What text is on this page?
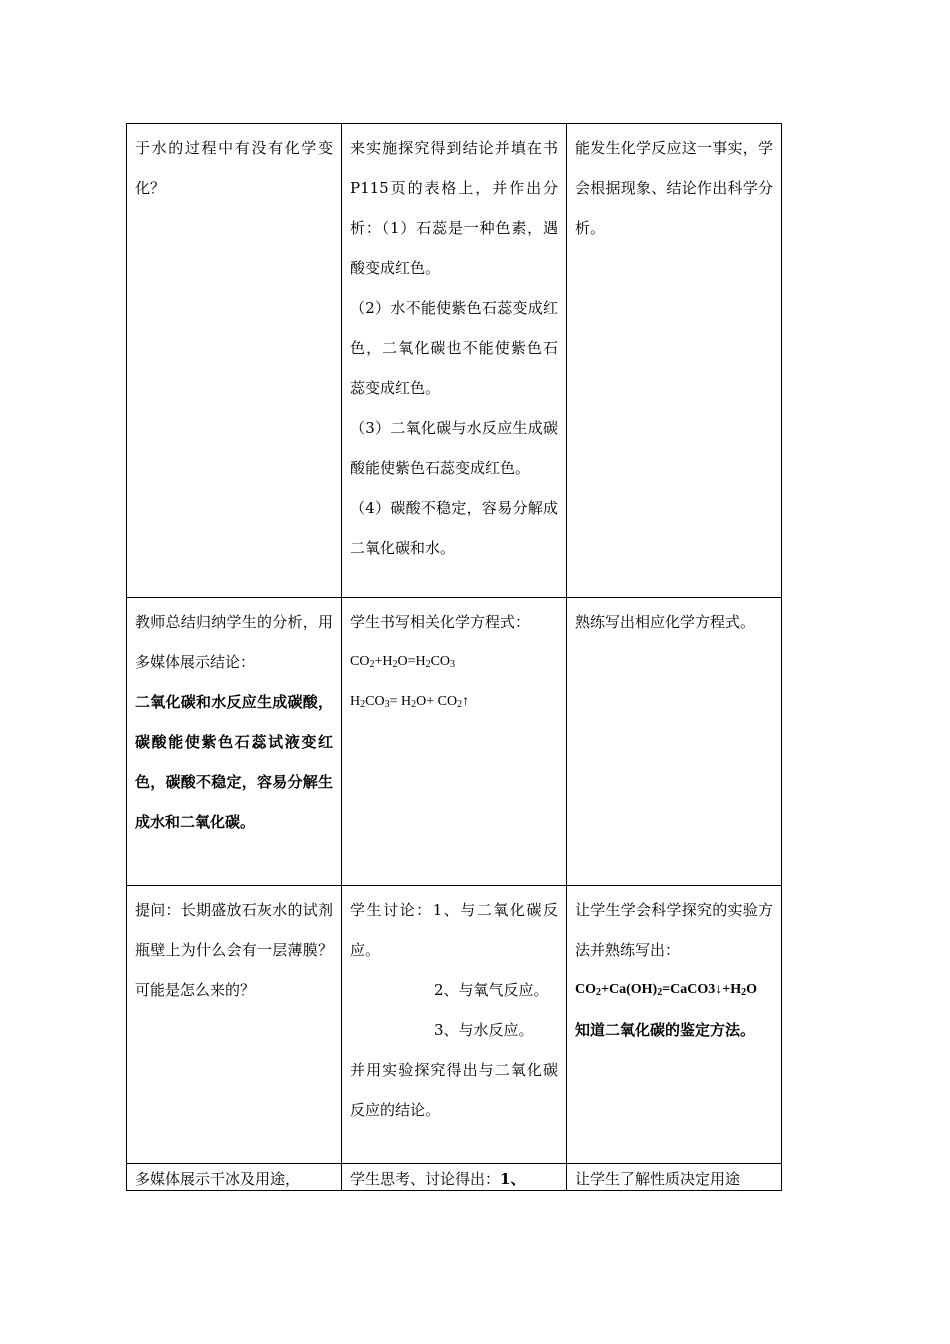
于水的过程中有没有化学变化？	来实施探究得到结论并填在书P115页的表格上，并作出分析：（1）石蕊是一种色素，遇酸变成红色。
（2）水不能使紫色石蕊变成红色，二氧化碳也不能使紫色石蕊变成红色。
（3）二氧化碳与水反应生成碳酸能使紫色石蕊变成红色。
（4）碳酸不稳定，容易分解成二氧化碳和水。	能发生化学反应这一事实，学会根据现象、结论作出科学分析。

教师总结归纳学生的分析，用多媒体展示结论：
二氧化碳和水反应生成碳酸，碳酸能使紫色石蕊试液变红色，碳酸不稳定，容易分解生成水和二氧化碳。	学生书写相关化学方程式：
$CO_2+H_2O=H_2CO_3$
$H_2CO_3= H_2O+$ $CO_2↑$	熟练写出相应化学方程式。

提问：长期盛放石灰水的试剂瓶壁上为什么会有一层薄膜？可能是怎么来的？	学生讨论：1、与二氧化碳反应。
2、与氧气反应。
3、与水反应。
并用实验探究得出与二氧化碳反应的结论。	让学生学会科学探究的实验方法并熟练写出：
$CO_2+Ca(OH)_2=CaCO3↓+H_2O$
知道二氧化碳的鉴定方法。

多媒体展示干冰及用途，	学生思考、讨论得出：1、	让学生了解性质决定用途
